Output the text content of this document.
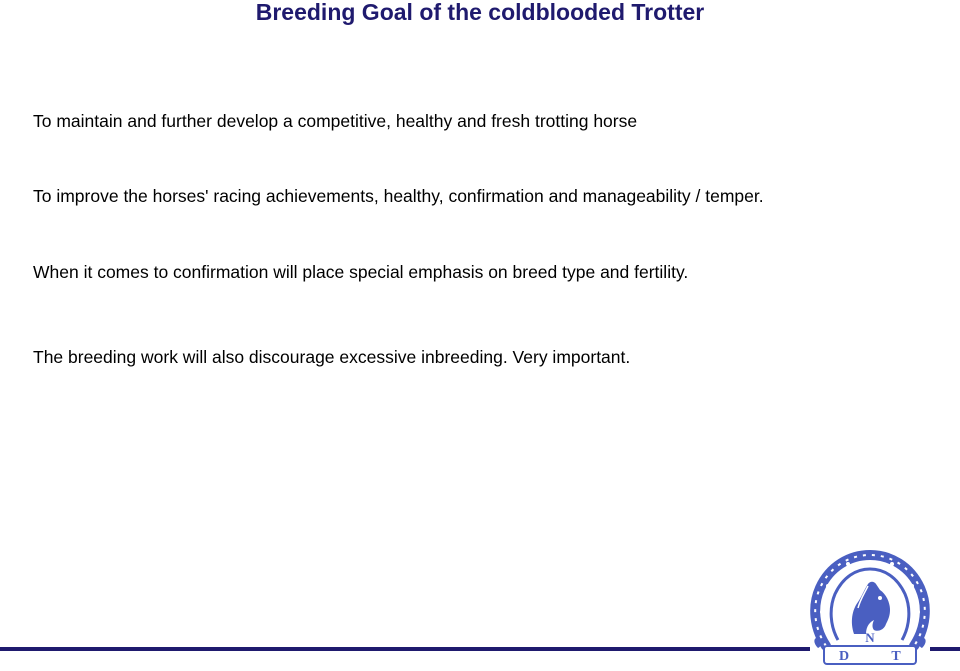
Breeding Goal of the coldblooded Trotter

To maintain and further develop a competitive, healthy and fresh trotting horse

To improve the horses' racing achievements, healthy, confirmation and manageability / temper.

When it comes to confirmation will place special emphasis on breed type and fertility.

The breeding work will also discourage excessive inbreeding. Very important.

D
N
T
